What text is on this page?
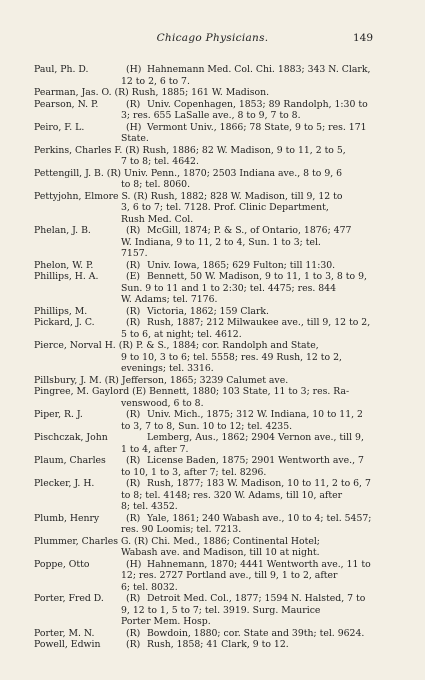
Chicago Physicians.	149
Paul, Ph. D.	(H) Hahnemann Med. Col. Chi. 1883; 343 N. Clark,
12 to 2, 6 to 7.
Pearman, Jas. O. (R) Rush, 1885; 161 W. Madison.
Pearson, N. P.	(R) Univ. Copenhagen, 1853; 89 Randolph, 1:30 to
3; res. 655 LaSalle ave., 8 to 9, 7 to 8.
Peiro, F. L.	(H) Vermont Univ., 1866; 78 State, 9 to 5; res. 171
State.
Perkins, Charles F. (R) Rush, 1886; 82 W. Madison, 9 to 11, 2 to 5,
7 to 8; tel. 4642.
Pettengill, J. B. (R) Univ. Penn., 1870; 2503 Indiana ave., 8 to 9, 6
to 8; tel. 8060.
Pettyjohn, Elmore S. (R) Rush, 1882; 828 W. Madison, till 9, 12 to
3, 6 to 7; tel. 7128. Prof. Clinic Department,
Rush Med. Col.
Phelan, J. B.	(R) McGill, 1874; P. & S., of Ontario, 1876; 477
W. Indiana, 9 to 11, 2 to 4, Sun. 1 to 3; tel.
7157.
Phelon, W. P.	(R) Univ. Iowa, 1865; 629 Fulton; till 11:30.
Phillips, H. A.	(E) Bennett, 50 W. Madison, 9 to 11, 1 to 3, 8 to 9,
Sun. 9 to 11 and 1 to 2:30; tel. 4475; res. 844
W. Adams; tel. 7176.
Phillips, M.	(R) Victoria, 1862; 159 Clark.
Pickard, J. C.	(R) Rush, 1887; 212 Milwaukee ave., till 9, 12 to 2,
5 to 6, at night; tel. 4612.
Pierce, Norval H. (R) P. & S., 1884; cor. Randolph and State,
9 to 10, 3 to 6; tel. 5558; res. 49 Rush, 12 to 2,
evenings; tel. 3316.
Pillsbury, J. M. (R) Jefferson, 1865; 3239 Calumet ave.
Pingree, M. Gaylord (E) Bennett, 1880; 103 State, 11 to 3; res. Ra-
venswood, 6 to 8.
Piper, R. J.	(R) Univ. Mich., 1875; 312 W. Indiana, 10 to 11, 2
to 3, 7 to 8, Sun. 10 to 12; tel. 4235.
Pischczak, John	Lemberg, Aus., 1862; 2904 Vernon ave., till 9,
1 to 4, after 7.
Plaum, Charles (R) License Baden, 1875; 2901 Wentworth ave., 7
to 10, 1 to 3, after 7; tel. 8296.
Plecker, J. H.	(R) Rush, 1877; 183 W. Madison, 10 to 11, 2 to 6, 7
to 8; tel. 4148; res. 320 W. Adams, till 10, after
8; tel. 4352.
Plumb, Henry	(R) Yale, 1861; 240 Wabash ave., 10 to 4; tel. 5457;
res. 90 Loomis; tel. 7213.
Plummer, Charles G. (R) Chi. Med., 1886; Continental Hotel;
Wabash ave. and Madison, till 10 at night.
Poppe, Otto	(H) Hahnemann, 1870; 4441 Wentworth ave., 11 to
12; res. 2727 Portland ave., till 9, 1 to 2, after
6; tel. 8032.
Porter, Fred D. (R) Detroit Med. Col., 1877; 1594 N. Halsted, 7 to
9, 12 to 1, 5 to 7; tel. 3919. Surg. Maurice
Porter Mem. Hosp.
Porter, M. N.	(R) Bowdoin, 1880; cor. State and 39th; tel. 9624.
Powell, Edwin	(R) Rush, 1858; 41 Clark, 9 to 12.
